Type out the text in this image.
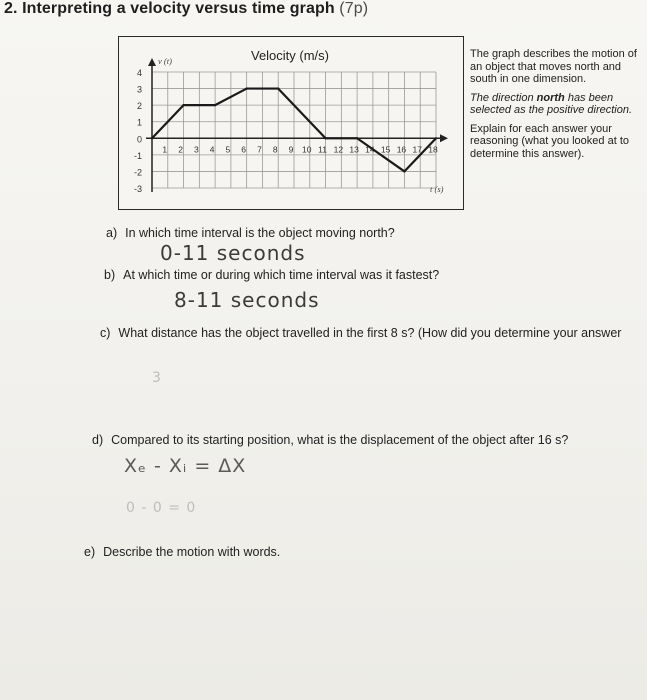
2. Interpreting a velocity versus time graph (7p)
4
3
2
1
0
-1
-2
-3
1 2 3 4 5 6 7 8 9 10 11 12 13 14 15 16 17 18
Velocity (m/s)
v (t)
t (s)

The graph describes the motion of an object that moves north and south in one dimension.

The direction north has been selected as the positive direction.

Explain for each answer your reasoning (what you looked at to determine this answer).

a) In which time interval is the object moving north?
0-11 seconds
b) At which time or during which time interval was it fastest?
8-11 seconds
c) What distance has the object travelled in the first 8 s? (How did you determine your answer
3
d) Compared to its starting position, what is the displacement of the object after 16 s?
Xₑ - Xᵢ = ΔX
0 - 0 = 0
e) Describe the motion with words.
